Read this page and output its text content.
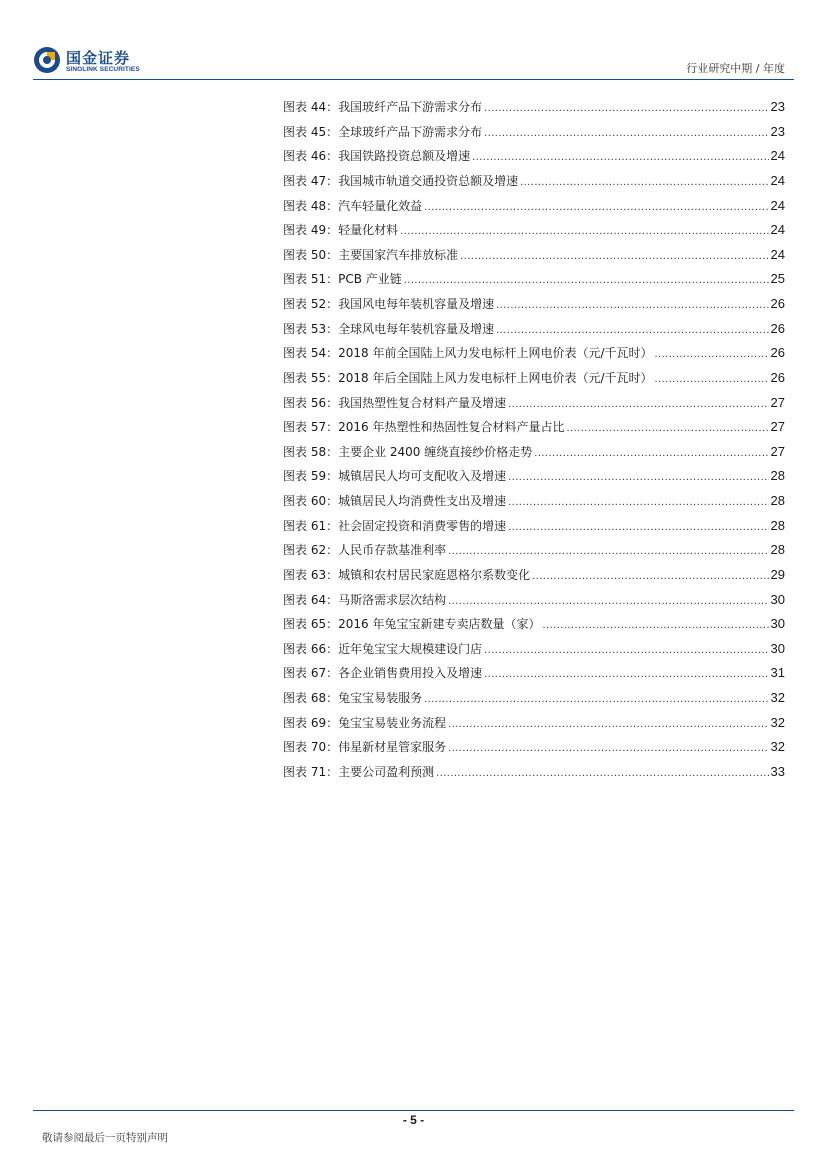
国金证券
SINOLINK SECURITIES	行业研究中期 / 年度
图表 44：我国玻纤产品下游需求分布 .....	23
图表 45：全球玻纤产品下游需求分布 .....	23
图表 46：我国铁路投资总额及增速 .....	24
图表 47：我国城市轨道交通投资总额及增速 .....	24
图表 48：汽车轻量化效益 .....	24
图表 49：轻量化材料 .....	24
图表 50：主要国家汽车排放标准 .....	24
图表 51：PCB 产业链 .....	25
图表 52：我国风电每年装机容量及增速 .....	26
图表 53：全球风电每年装机容量及增速 .....	26
图表 54：2018 年前全国陆上风力发电标杆上网电价表（元/千瓦时） .....	26
图表 55：2018 年后全国陆上风力发电标杆上网电价表（元/千瓦时） .....	26
图表 56：我国热塑性复合材料产量及增速 .....	27
图表 57：2016 年热塑性和热固性复合材料产量占比 .....	27
图表 58：主要企业 2400 缠绕直接纱价格走势 .....	27
图表 59：城镇居民人均可支配收入及增速 .....	28
图表 60：城镇居民人均消费性支出及增速 .....	28
图表 61：社会固定投资和消费零售的增速 .....	28
图表 62：人民币存款基准利率 .....	28
图表 63：城镇和农村居民家庭恩格尔系数变化 .....	29
图表 64：马斯洛需求层次结构 .....	30
图表 65：2016 年兔宝宝新建专卖店数量（家） .....	30
图表 66：近年兔宝宝大规模建设门店 .....	30
图表 67：各企业销售费用投入及增速 .....	31
图表 68：兔宝宝易装服务 .....	32
图表 69：兔宝宝易装业务流程 .....	32
图表 70：伟星新材星管家服务 .....	32
图表 71：主要公司盈利预测 .....	33
- 5 -
敬请参阅最后一页特别声明
